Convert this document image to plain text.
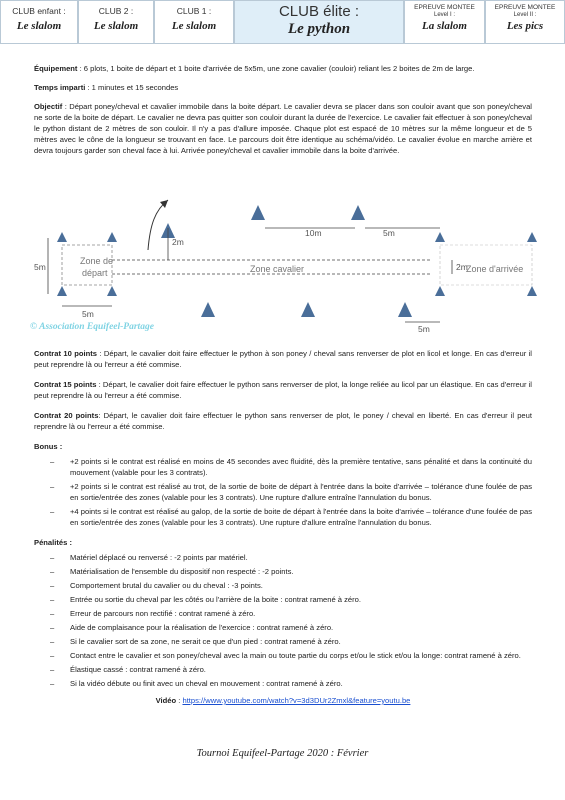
CLUB enfant :
Le slalom
CLUB 2 :
Le slalom
CLUB 1 :
Le slalom
CLUB élite :
Le python
EPREUVE MONTEE
Level I :
La slalom
EPREUVE MONTEE
Level II :
Les pics

Équipement : 6 plots, 1 boite de départ et 1 boite d'arrivée de 5x5m, une zone cavalier (couloir) reliant les 2 boites de 2m de large.

Temps imparti : 1 minutes et 15 secondes

Objectif : Départ poney/cheval et cavalier immobile dans la boite départ. Le cavalier devra se placer dans son couloir avant que son poney/cheval ne sorte de la boite de départ. Le cavalier ne devra pas quitter son couloir durant la durée de l'exercice. Le cavalier fait effectuer à son poney/cheval le python distant de 2 mètres de son couloir. Il n'y a pas d'allure imposée. Chaque plot est espacé de 10 mètres sur la même longueur et de 5 mètres avec le cône de la longueur se trouvant en face. Le parcours doit être identique au schéma/vidéo. Le cavalier évolue en marche arrière et devra toujours garder son cheval face à lui. Arrivée poney/cheval et cavalier immobile dans la boite d'arrivée.

Zone de
départ	Zone cavalier	Zone d'arrivée
5m
5m
2m
10m	5m
2m
5m
© Association Equifeel-Partage

Contrat 10 points : Départ, le cavalier doit faire effectuer le python à son poney / cheval sans renverser de plot en licol et longe. En cas d'erreur il peut reprendre là ou l'erreur a été commise.

Contrat 15 points : Départ, le cavalier doit faire effectuer le python sans renverser de plot, la longe reliée au licol par un élastique. En cas d'erreur il peut reprendre là ou l'erreur a été commise.

Contrat 20 points: Départ, le cavalier doit faire effectuer le python sans renverser de plot, le poney / cheval en liberté. En cas d'erreur il peut reprendre là ou l'erreur a été commise.

Bonus :

– +2 points si le contrat est réalisé en moins de 45 secondes avec fluidité, dès la première tentative, sans pénalité et dans la continuité du mouvement (valable pour les 3 contrats).
– +2 points si le contrat est réalisé au trot, de la sortie de boite de départ à l'entrée dans la boite d'arrivée – tolérance d'une foulée de pas en sortie/entrée des zones (valable pour les 3 contrats). Une rupture d'allure entraîne l'annulation du bonus.
– +4 points si le contrat est réalisé au galop, de la sortie de boite de départ à l'entrée dans la boite d'arrivée – tolérance d'une foulée de pas en sortie/entrée des zones (valable pour les 3 contrats). Une rupture d'allure entraîne l'annulation du bonus.

Pénalités :

– Matériel déplacé ou renversé : -2 points par matériel.
– Matérialisation de l'ensemble du dispositif non respecté : -2 points.
– Comportement brutal du cavalier ou du cheval : -3 points.
– Entrée ou sortie du cheval par les côtés ou l'arrière de la boite : contrat ramené à zéro.
– Erreur de parcours non rectifié : contrat ramené à zéro.
– Aide de complaisance pour la réalisation de l'exercice : contrat ramené à zéro.
– Si le cavalier sort de sa zone, ne serait ce que d'un pied : contrat ramené à zéro.
– Contact entre le cavalier et son poney/cheval avec la main ou toute partie du corps et/ou le stick et/ou la longe: contrat ramené à zéro.
– Élastique cassé : contrat ramené à zéro.
– Si la vidéo débute ou finit avec un cheval en mouvement : contrat ramené à zéro.
Vidéo : https://www.youtube.com/watch?v=3d3DUr2Zmxl&feature=youtu.be
Tournoi Equifeel-Partage 2020 : Février
